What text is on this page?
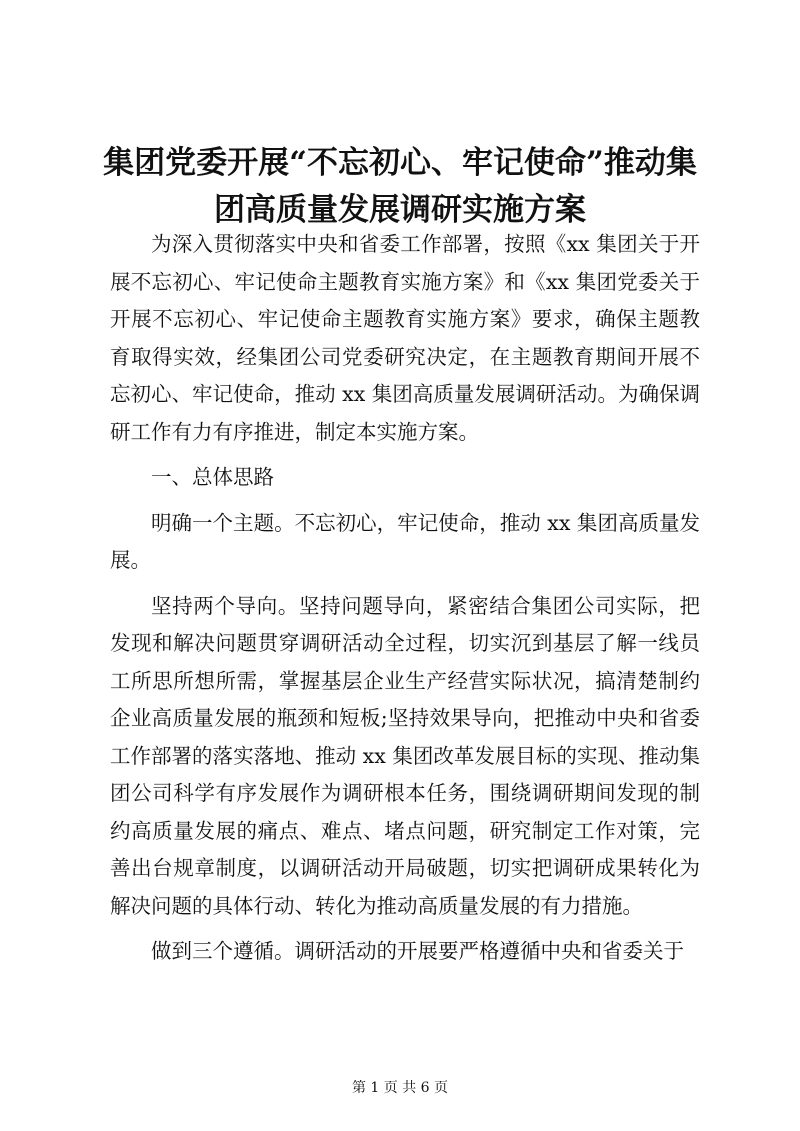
集团党委开展“不忘初心、牢记使命”推动集
团高质量发展调研实施方案

为深入贯彻落实中央和省委工作部署，按照《xx 集团关于开展不忘初心、牢记使命主题教育实施方案》和《xx 集团党委关于开展不忘初心、牢记使命主题教育实施方案》要求，确保主题教育取得实效，经集团公司党委研究决定，在主题教育期间开展不忘初心、牢记使命，推动 xx 集团高质量发展调研活动。为确保调研工作有力有序推进，制定本实施方案。

一、总体思路

明确一个主题。不忘初心，牢记使命，推动 xx 集团高质量发展。

坚持两个导向。坚持问题导向，紧密结合集团公司实际，把发现和解决问题贯穿调研活动全过程，切实沉到基层了解一线员工所思所想所需，掌握基层企业生产经营实际状况，搞清楚制约企业高质量发展的瓶颈和短板;坚持效果导向，把推动中央和省委工作部署的落实落地、推动 xx 集团改革发展目标的实现、推动集团公司科学有序发展作为调研根本任务，围绕调研期间发现的制约高质量发展的痛点、难点、堵点问题，研究制定工作对策，完善出台规章制度，以调研活动开局破题，切实把调研成果转化为解决问题的具体行动、转化为推动高质量发展的有力措施。

做到三个遵循。调研活动的开展要严格遵循中央和省委关于

第 1 页 共 6 页
